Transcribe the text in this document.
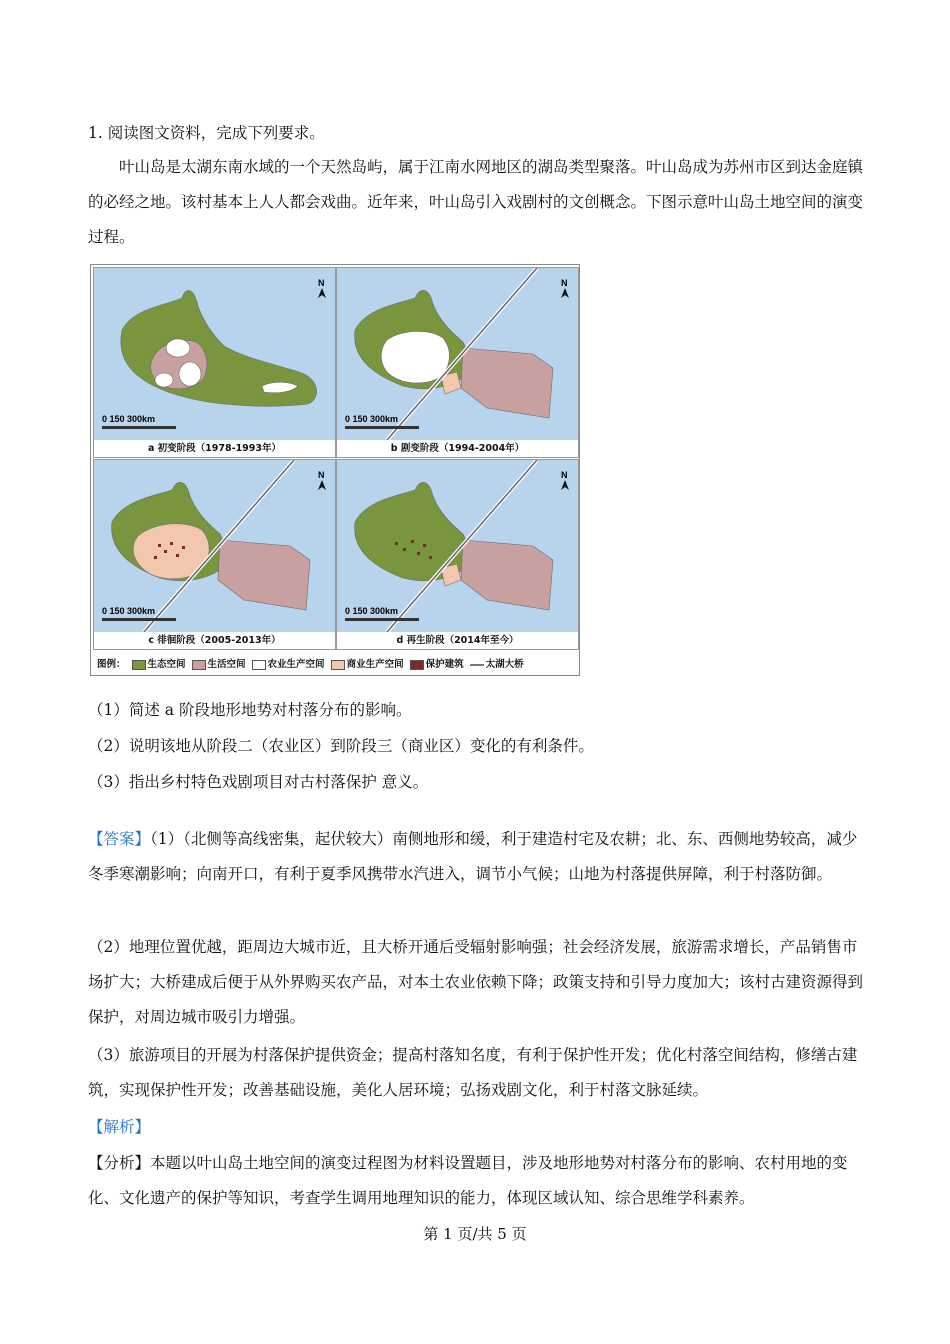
1. 阅读图文资料，完成下列要求。

叶山岛是太湖东南水域的一个天然岛屿，属于江南水网地区的湖岛类型聚落。叶山岛成为苏州市区到达金庭镇的必经之地。该村基本上人人都会戏曲。近年来，叶山岛引入戏剧村的文创概念。下图示意叶山岛土地空间的演变过程。

N
0 150 300km
a 初变阶段（1978-1993年）
N
0 150 300km
b 剧变阶段（1994-2004年）
N
0 150 300km
c 徘徊阶段（2005-2013年）
N
0 150 300km
d 再生阶段（2014年至今）
图例：	生态空间	生活空间	农业生产空间	商业生产空间	保护建筑	太湖大桥

（1）简述 a 阶段地形地势对村落分布的影响。

（2）说明该地从阶段二（农业区）到阶段三（商业区）变化的有利条件。

（3）指出乡村特色戏剧项目对古村落保护 意义。

【答案】（1）（北侧等高线密集，起伏较大）南侧地形和缓，利于建造村宅及农耕；北、东、西侧地势较高，减少冬季寒潮影响；向南开口，有利于夏季风携带水汽进入，调节小气候；山地为村落提供屏障，利于村落防御。

（2）地理位置优越，距周边大城市近，且大桥开通后受辐射影响强；社会经济发展，旅游需求增长，产品销售市场扩大；大桥建成后便于从外界购买农产品，对本土农业依赖下降；政策支持和引导力度加大；该村古建资源得到保护，对周边城市吸引力增强。

（3）旅游项目的开展为村落保护提供资金；提高村落知名度，有利于保护性开发；优化村落空间结构，修缮古建筑，实现保护性开发；改善基础设施，美化人居环境；弘扬戏剧文化，利于村落文脉延续。

【解析】

【分析】本题以叶山岛土地空间的演变过程图为材料设置题目，涉及地形地势对村落分布的影响、农村用地的变化、文化遗产的保护等知识，考查学生调用地理知识的能力，体现区域认知、综合思维学科素养。

第 1 页/共 5 页
